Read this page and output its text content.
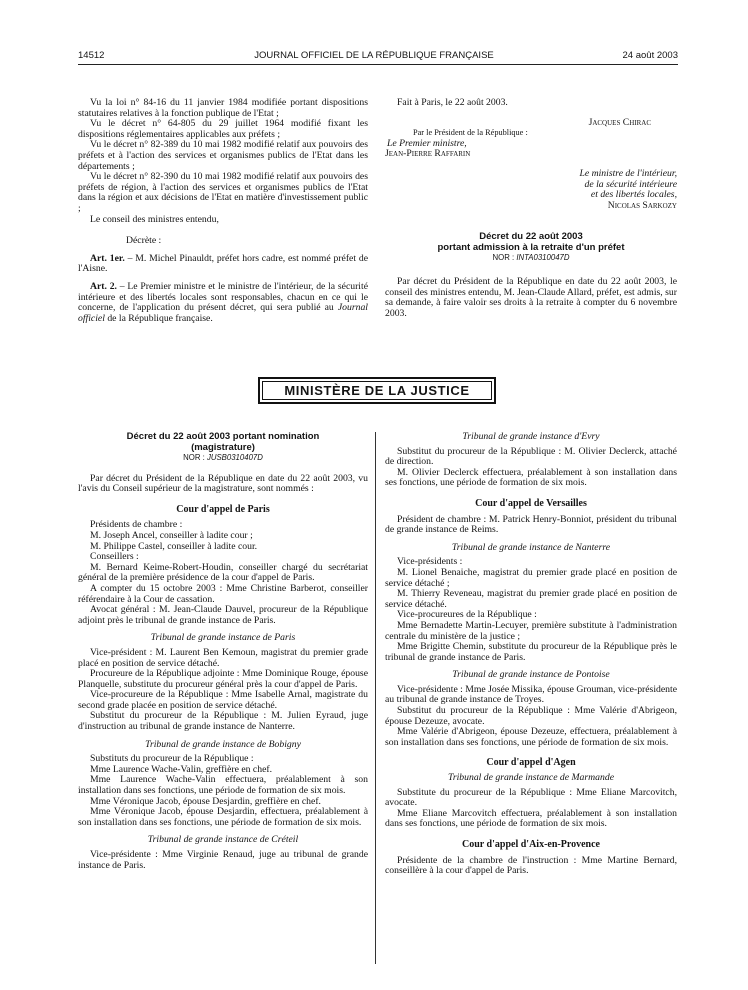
14512	JOURNAL OFFICIEL DE LA RÉPUBLIQUE FRANÇAISE	24 août 2003

Vu la loi n° 84-16 du 11 janvier 1984 modifiée portant dispositions statutaires relatives à la fonction publique de l'Etat ;

Vu le décret n° 64-805 du 29 juillet 1964 modifié fixant les dispositions réglementaires applicables aux préfets ;

Vu le décret n° 82-389 du 10 mai 1982 modifié relatif aux pouvoirs des préfets et à l'action des services et organismes publics de l'Etat dans les départements ;

Vu le décret n° 82-390 du 10 mai 1982 modifié relatif aux pouvoirs des préfets de région, à l'action des services et organismes publics de l'Etat dans la région et aux décisions de l'Etat en matière d'investissement public ;

Le conseil des ministres entendu,

Décrète :

Art. 1er. – M. Michel Pinauldt, préfet hors cadre, est nommé préfet de l'Aisne.

Art. 2. – Le Premier ministre et le ministre de l'intérieur, de la sécurité intérieure et des libertés locales sont responsables, chacun en ce qui le concerne, de l'application du présent décret, qui sera publié au Journal officiel de la République française.

Fait à Paris, le 22 août 2003.

Jacques Chirac

Par le Président de la République :

Le Premier ministre,

Jean-Pierre Raffarin

Le ministre de l'intérieur,

de la sécurité intérieure

et des libertés locales,

Nicolas Sarkozy

Décret du 22 août 2003

portant admission à la retraite d'un préfet

NOR : INTA0310047D

Par décret du Président de la République en date du 22 août 2003, le conseil des ministres entendu, M. Jean-Claude Allard, préfet, est admis, sur sa demande, à faire valoir ses droits à la retraite à compter du 6 novembre 2003.

MINISTÈRE DE LA JUSTICE

Décret du 22 août 2003 portant nomination

(magistrature)

NOR : JUSB0310407D

Par décret du Président de la République en date du 22 août 2003, vu l'avis du Conseil supérieur de la magistrature, sont nommés :

Cour d'appel de Paris

Présidents de chambre :

M. Joseph Ancel, conseiller à ladite cour ;

M. Philippe Castel, conseiller à ladite cour.

Conseillers :

M. Bernard Keime-Robert-Houdin, conseiller chargé du secrétariat général de la première présidence de la cour d'appel de Paris.

A compter du 15 octobre 2003 : Mme Christine Barberot, conseiller référendaire à la Cour de cassation.

Avocat général : M. Jean-Claude Dauvel, procureur de la République adjoint près le tribunal de grande instance de Paris.

Tribunal de grande instance de Paris

Vice-président : M. Laurent Ben Kemoun, magistrat du premier grade placé en position de service détaché.

Procureure de la République adjointe : Mme Dominique Rouge, épouse Planquelle, substitute du procureur général près la cour d'appel de Paris.

Vice-procureure de la République : Mme Isabelle Arnal, magistrate du second grade placée en position de service détaché.

Substitut du procureur de la République : M. Julien Eyraud, juge d'instruction au tribunal de grande instance de Nanterre.

Tribunal de grande instance de Bobigny

Substituts du procureur de la République :

Mme Laurence Wache-Valin, greffière en chef.

Mme Laurence Wache-Valin effectuera, préalablement à son installation dans ses fonctions, une période de formation de six mois.

Mme Véronique Jacob, épouse Desjardin, greffière en chef.

Mme Véronique Jacob, épouse Desjardin, effectuera, préalablement à son installation dans ses fonctions, une période de formation de six mois.

Tribunal de grande instance de Créteil

Vice-présidente : Mme Virginie Renaud, juge au tribunal de grande instance de Paris.

Tribunal de grande instance d'Evry

Substitut du procureur de la République : M. Olivier Declerck, attaché de direction.

M. Olivier Declerck effectuera, préalablement à son installation dans ses fonctions, une période de formation de six mois.

Cour d'appel de Versailles

Président de chambre : M. Patrick Henry-Bonniot, président du tribunal de grande instance de Reims.

Tribunal de grande instance de Nanterre

Vice-présidents :

M. Lionel Benaiche, magistrat du premier grade placé en position de service détaché ;

M. Thierry Reveneau, magistrat du premier grade placé en position de service détaché.

Vice-procureures de la République :

Mme Bernadette Martin-Lecuyer, première substitute à l'administration centrale du ministère de la justice ;

Mme Brigitte Chemin, substitute du procureur de la République près le tribunal de grande instance de Paris.

Tribunal de grande instance de Pontoise

Vice-présidente : Mme Josée Missika, épouse Grouman, vice-présidente au tribunal de grande instance de Troyes.

Substitut du procureur de la République : Mme Valérie d'Abrigeon, épouse Dezeuze, avocate.

Mme Valérie d'Abrigeon, épouse Dezeuze, effectuera, préalablement à son installation dans ses fonctions, une période de formation de six mois.

Cour d'appel d'Agen

Tribunal de grande instance de Marmande

Substitute du procureur de la République : Mme Eliane Marcovitch, avocate.

Mme Eliane Marcovitch effectuera, préalablement à son installation dans ses fonctions, une période de formation de six mois.

Cour d'appel d'Aix-en-Provence

Présidente de la chambre de l'instruction : Mme Martine Bernard, conseillère à la cour d'appel de Paris.
